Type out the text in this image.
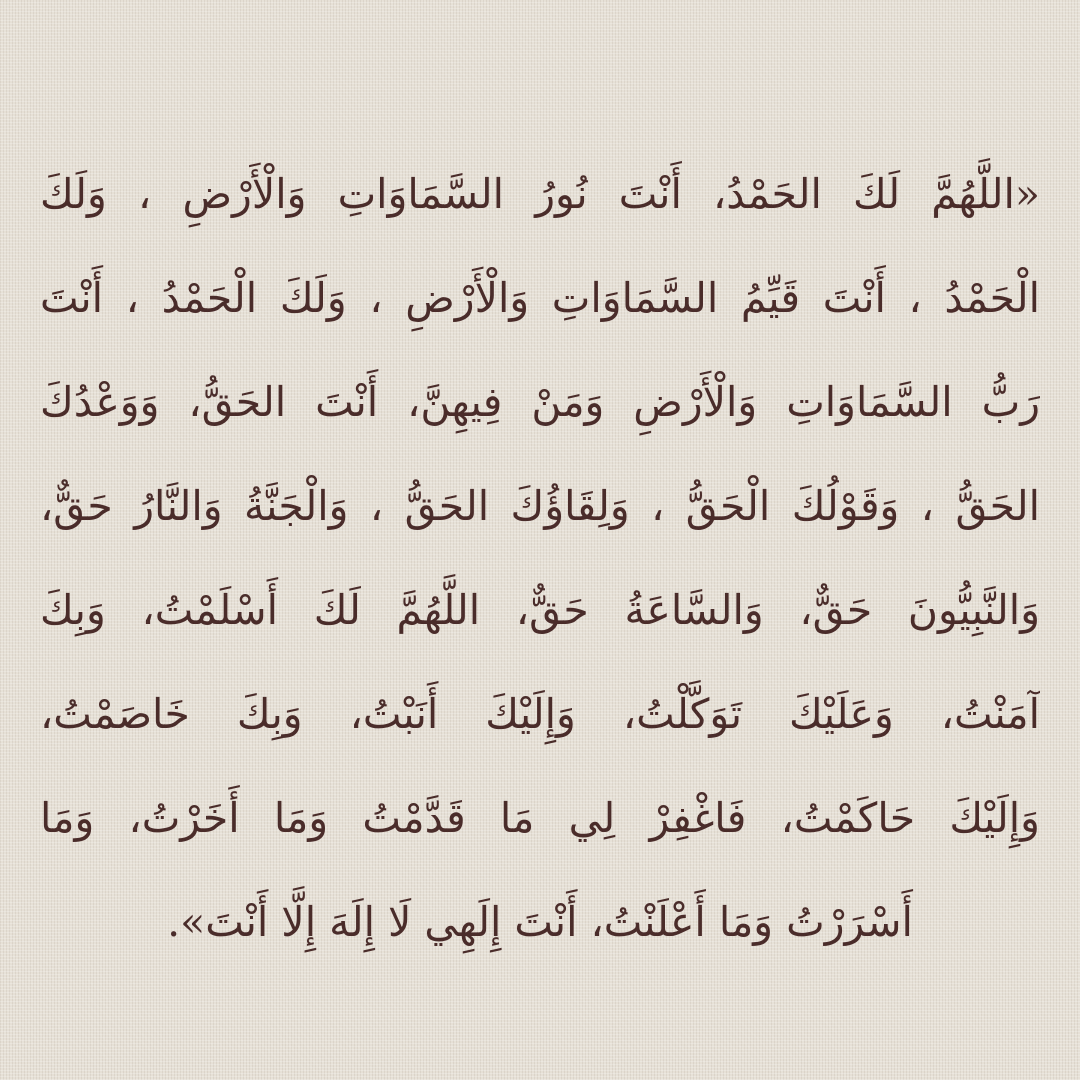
«اللَّهُمَّ لَكَ الحَمْدُ، أَنْتَ نُورُ السَّمَاوَاتِ وَالْأَرْضِ ، وَلَكَ
الْحَمْدُ ، أَنْتَ قَيِّمُ السَّمَاوَاتِ وَالْأَرْضِ ، وَلَكَ الْحَمْدُ ، أَنْتَ
رَبُّ السَّمَاوَاتِ وَالْأَرْضِ وَمَنْ فِيهِنَّ، أَنْتَ الحَقُّ، وَوَعْدُكَ
الحَقُّ ، وَقَوْلُكَ الْحَقُّ ، وَلِقَاؤُكَ الحَقُّ ، وَالْجَنَّةُ وَالنَّارُ حَقٌّ،
وَالنَّبِيُّونَ حَقٌّ، وَالسَّاعَةُ حَقٌّ، اللَّهُمَّ لَكَ أَسْلَمْتُ، وَبِكَ
آمَنْتُ، وَعَلَيْكَ تَوَكَّلْتُ، وَإِلَيْكَ أَنَبْتُ، وَبِكَ خَاصَمْتُ،
وَإِلَيْكَ حَاكَمْتُ، فَاغْفِرْ لِي مَا قَدَّمْتُ وَمَا أَخَرْتُ، وَمَا
أَسْرَرْتُ وَمَا أَعْلَنْتُ، أَنْتَ إِلَهِي لَا إِلَهَ إِلَّا أَنْتَ».
